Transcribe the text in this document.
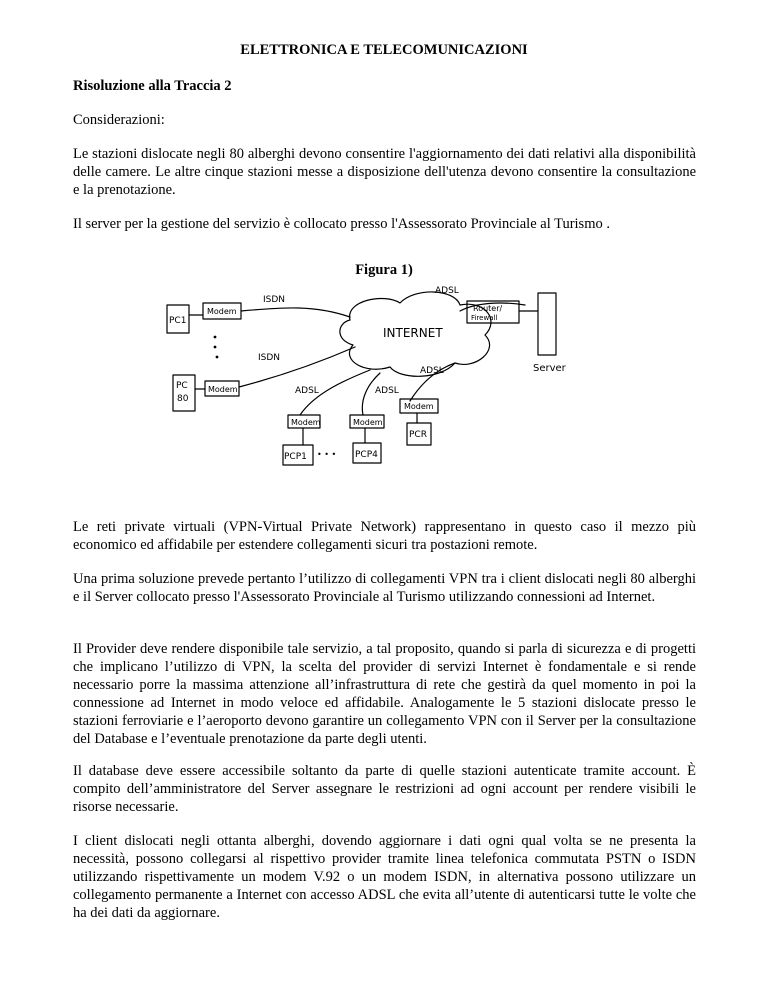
ELETTRONICA E TELECOMUNICAZIONI

Risoluzione alla Traccia 2

Considerazioni:

Le stazioni dislocate negli 80 alberghi devono consentire l'aggiornamento dei dati relativi alla disponibilità delle camere. Le altre cinque stazioni messe a disposizione dell'utenza devono consentire la consultazione e la prenotazione.

Il server per la gestione del servizio è collocato presso l'Assessorato Provinciale al Turismo .

Figura 1)
PC1
Modem
ISDN
PC
80
Modem
ISDN
INTERNET
ADSL
Router/
Firewall
Server
ADSL
Modem
PCR
ADSL
Modem
PCP1 • • •
ADSL
Modem
PCP4

Le reti private virtuali (VPN-Virtual Private Network) rappresentano in questo caso il mezzo più economico ed affidabile per estendere collegamenti sicuri tra postazioni remote.

Una prima soluzione prevede pertanto l’utilizzo di collegamenti VPN tra i client dislocati negli 80 alberghi e il Server collocato presso l'Assessorato Provinciale al Turismo utilizzando connessioni ad Internet.

Il Provider deve rendere disponibile tale servizio, a tal proposito, quando si parla di sicurezza e di progetti che implicano l’utilizzo di VPN, la scelta del provider di servizi Internet è fondamentale e si rende necessario porre la massima attenzione all’infrastruttura di rete che gestirà da quel momento in poi la connessione ad Internet in modo veloce ed affidabile. Analogamente le 5 stazioni dislocate presso le stazioni ferroviarie e l’aeroporto devono garantire un collegamento VPN con il Server per la consultazione del Database e l’eventuale prenotazione da parte degli utenti.

Il database deve essere accessibile soltanto da parte di quelle stazioni autenticate tramite account. È compito dell’amministratore del Server assegnare le restrizioni ad ogni account per rendere visibili le risorse necessarie.

I client dislocati negli ottanta alberghi, dovendo aggiornare i dati ogni qual volta se ne presenta la necessità, possono collegarsi al rispettivo provider tramite linea telefonica commutata PSTN o ISDN utilizzando rispettivamente un modem V.92 o un modem ISDN, in alternativa possono utilizzare un collegamento permanente a Internet con accesso ADSL che evita all’utente di autenticarsi tutte le volte che ha dei dati da aggiornare.
